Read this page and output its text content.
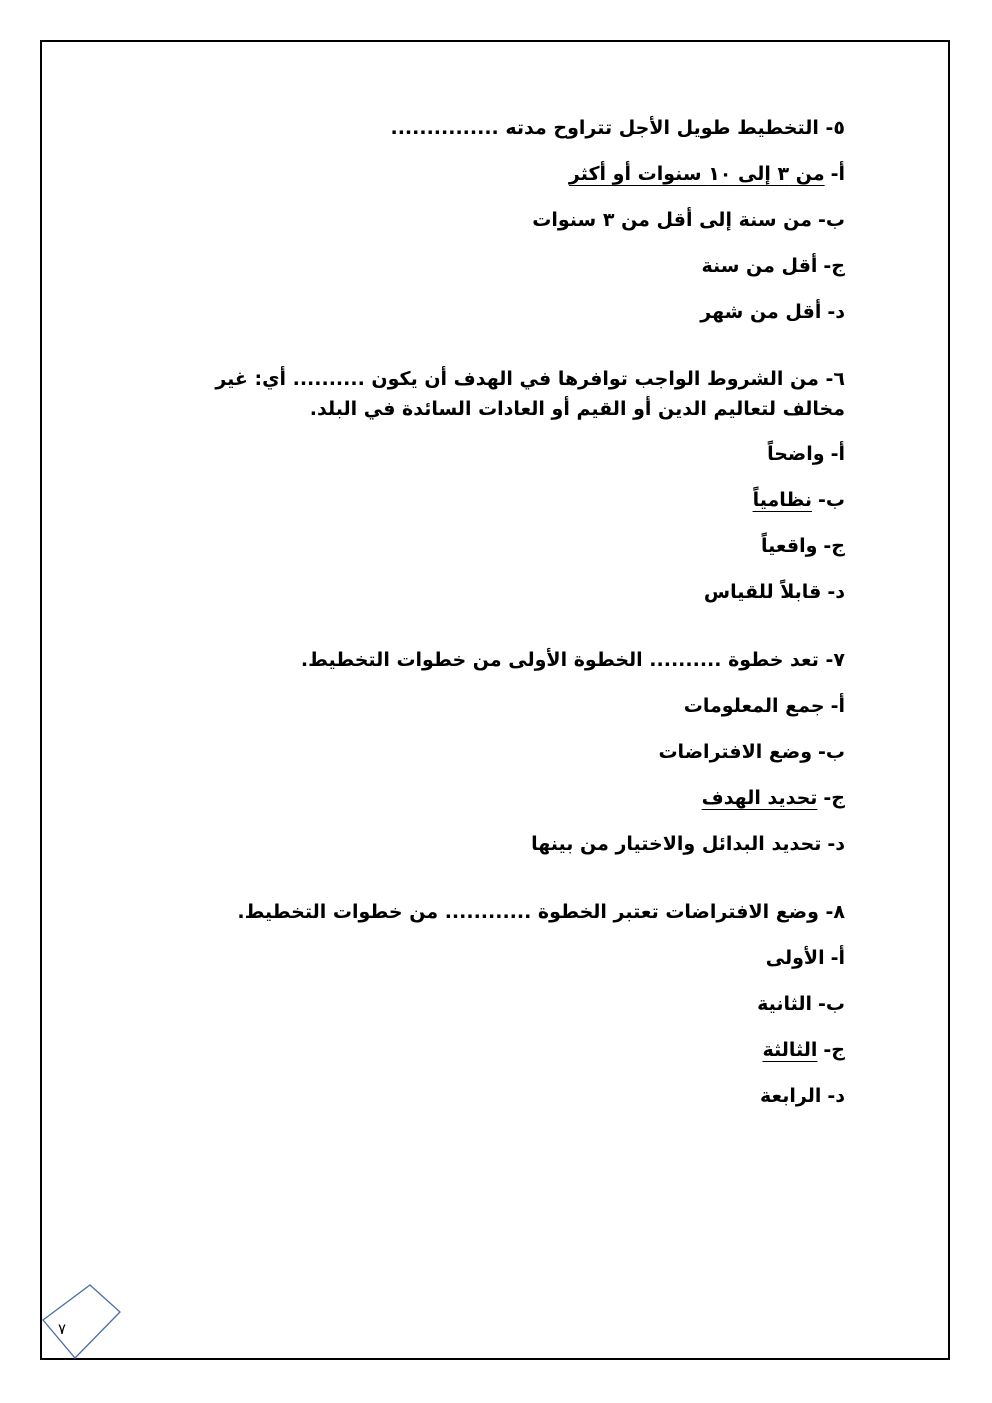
٥- التخطيط طويل الأجل تتراوح مدته ...............
أ-من ٣ إلى ١٠ سنوات أو أكثر
ب-من سنة إلى أقل من ٣ سنوات
ج-أقل من سنة
د-أقل من شهر
٦- من الشروط الواجب توافرها في الهدف أن يكون .......... أي: غير مخالف لتعاليم الدين أو القيم أو العادات السائدة في البلد.
أ-واضحاً
ب-نظامياً
ج-واقعياً
د-قابلاً للقياس
٧- تعد خطوة .......... الخطوة الأولى من خطوات التخطيط.
أ-جمع المعلومات
ب-وضع الافتراضات
ج-تحديد الهدف
د-تحديد البدائل والاختيار من بينها
٨- وضع الافتراضات تعتبر الخطوة ............ من خطوات التخطيط.
أ-الأولى
ب-الثانية
ج-الثالثة
د-الرابعة
٧
